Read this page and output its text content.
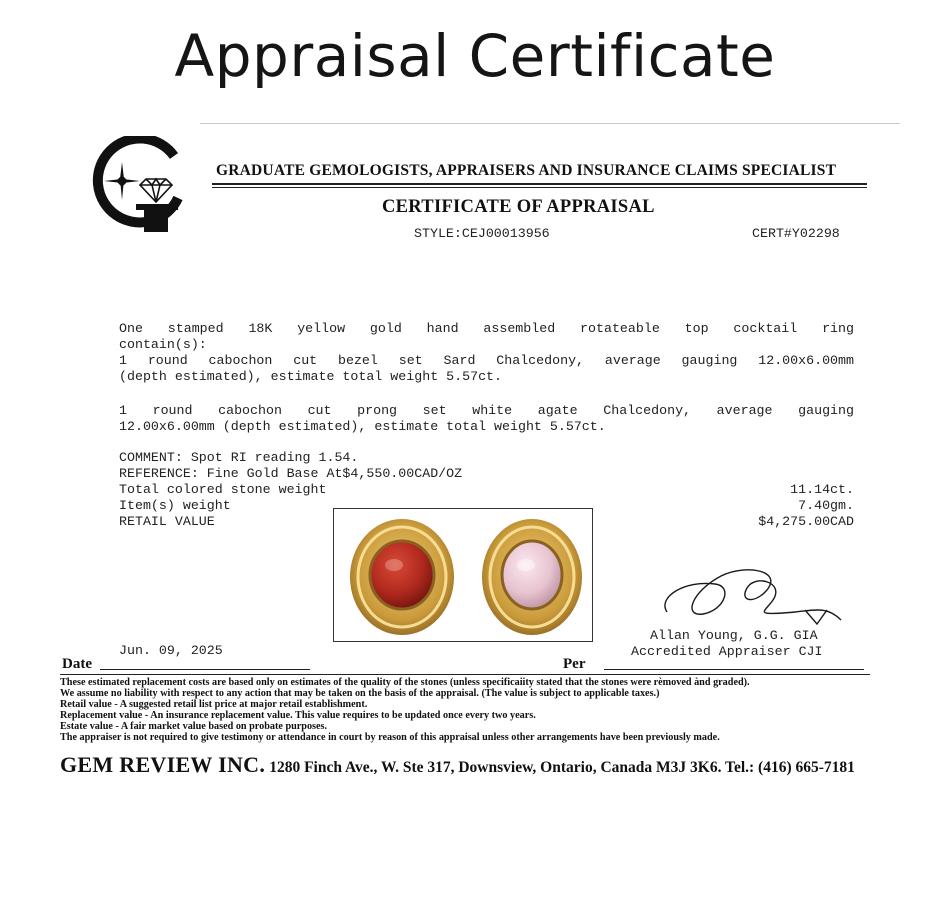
Appraisal Certificate
GRADUATE GEMOLOGISTS, APPRAISERS AND INSURANCE CLAIMS SPECIALIST
CERTIFICATE OF APPRAISAL
STYLE:CEJ00013956	CERT#Y02298

One stamped 18K yellow gold hand assembled rotateable top cocktail ring

contain(s):

1 round cabochon cut bezel set Sard Chalcedony, average gauging 12.00x6.00mm

(depth estimated), estimate total weight 5.57ct.

1 round cabochon cut prong set white agate Chalcedony, average gauging

12.00x6.00mm (depth estimated), estimate total weight 5.57ct.

COMMENT: Spot RI reading 1.54.
REFERENCE: Fine Gold Base At$4,550.00CAD/OZ
Total colored stone weight	11.14ct.
Item(s) weight	7.40gm.
RETAIL VALUE	$4,275.00CAD
Allan Young, G.G. GIA
Accredited Appraiser CJI
Jun. 09, 2025
Date	Per
These estimated replacement costs are based only on estimates of the quality of the stones (unless specificaiity stated that the stones were rèmoved ànd graded).
We assume no liability with respect to any action that may be taken on the basis of the appraisal. (The value is subject to applicable taxes.)
Retail value - A suggested retail list price at major retail establishment.
Replacement value - An insurance replacement value. This value requires to be updated once every two years.
Estate value - A fair market value based on probate purposes.
The appraiser is not required to give testimony or attendance in court by reason of this appraisal unless other arrangements have been previously made.
GEM REVIEW INC. 1280 Finch Ave., W. Ste 317, Downsview, Ontario, Canada M3J 3K6. Tel.: (416) 665-7181
